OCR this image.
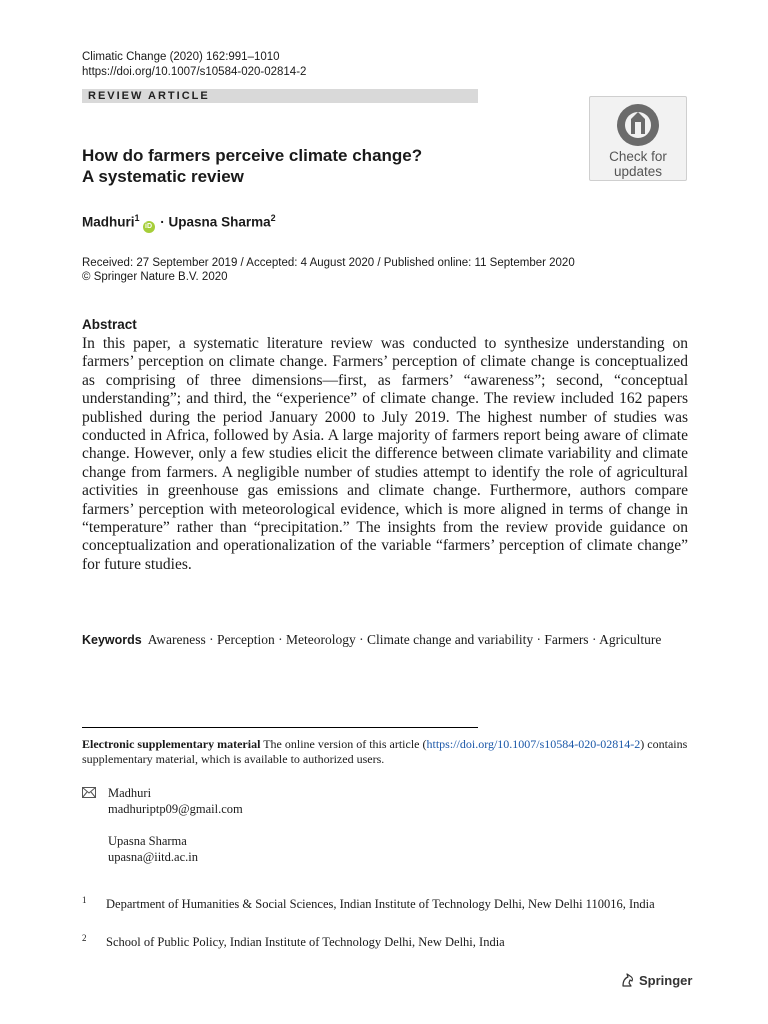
Climatic Change (2020) 162:991–1010
https://doi.org/10.1007/s10584-020-02814-2
REVIEW ARTICLE
Check for
updates
How do farmers perceive climate change?
A systematic review
Madhuri$^1$iD · Upasna Sharma$^2$
Received: 27 September 2019 / Accepted: 4 August 2020 / Published online: 11 September 2020
© Springer Nature B.V. 2020
Abstract
In this paper, a systematic literature review was conducted to synthesize understanding on farmers’ perception on climate change. Farmers’ perception of climate change is conceptualized as comprising of three dimensions—first, as farmers’ “awareness”; second, “conceptual understanding”; and third, the “experience” of climate change. The review included 162 papers published during the period January 2000 to July 2019. The highest number of studies was conducted in Africa, followed by Asia. A large majority of farmers report being aware of climate change. However, only a few studies elicit the difference between climate variability and climate change from farmers. A negligible number of studies attempt to identify the role of agricultural activities in greenhouse gas emissions and climate change. Furthermore, authors compare farmers’ perception with meteorological evidence, which is more aligned in terms of change in “temperature” rather than “precipitation.” The insights from the review provide guidance on conceptualization and operationalization of the variable “farmers’ perception of climate change” for future studies.
Keywords Awareness · Perception · Meteorology · Climate change and variability · Farmers · Agriculture
Electronic supplementary material The online version of this article (https://doi.org/10.1007/s10584-020-02814-2) contains supplementary material, which is available to authorized users.
Madhuri
madhuriptp09@gmail.com
Upasna Sharma
upasna@iitd.ac.in
1 Department of Humanities & Social Sciences, Indian Institute of Technology Delhi, New Delhi 110016, India
2 School of Public Policy, Indian Institute of Technology Delhi, New Delhi, India
Springer
